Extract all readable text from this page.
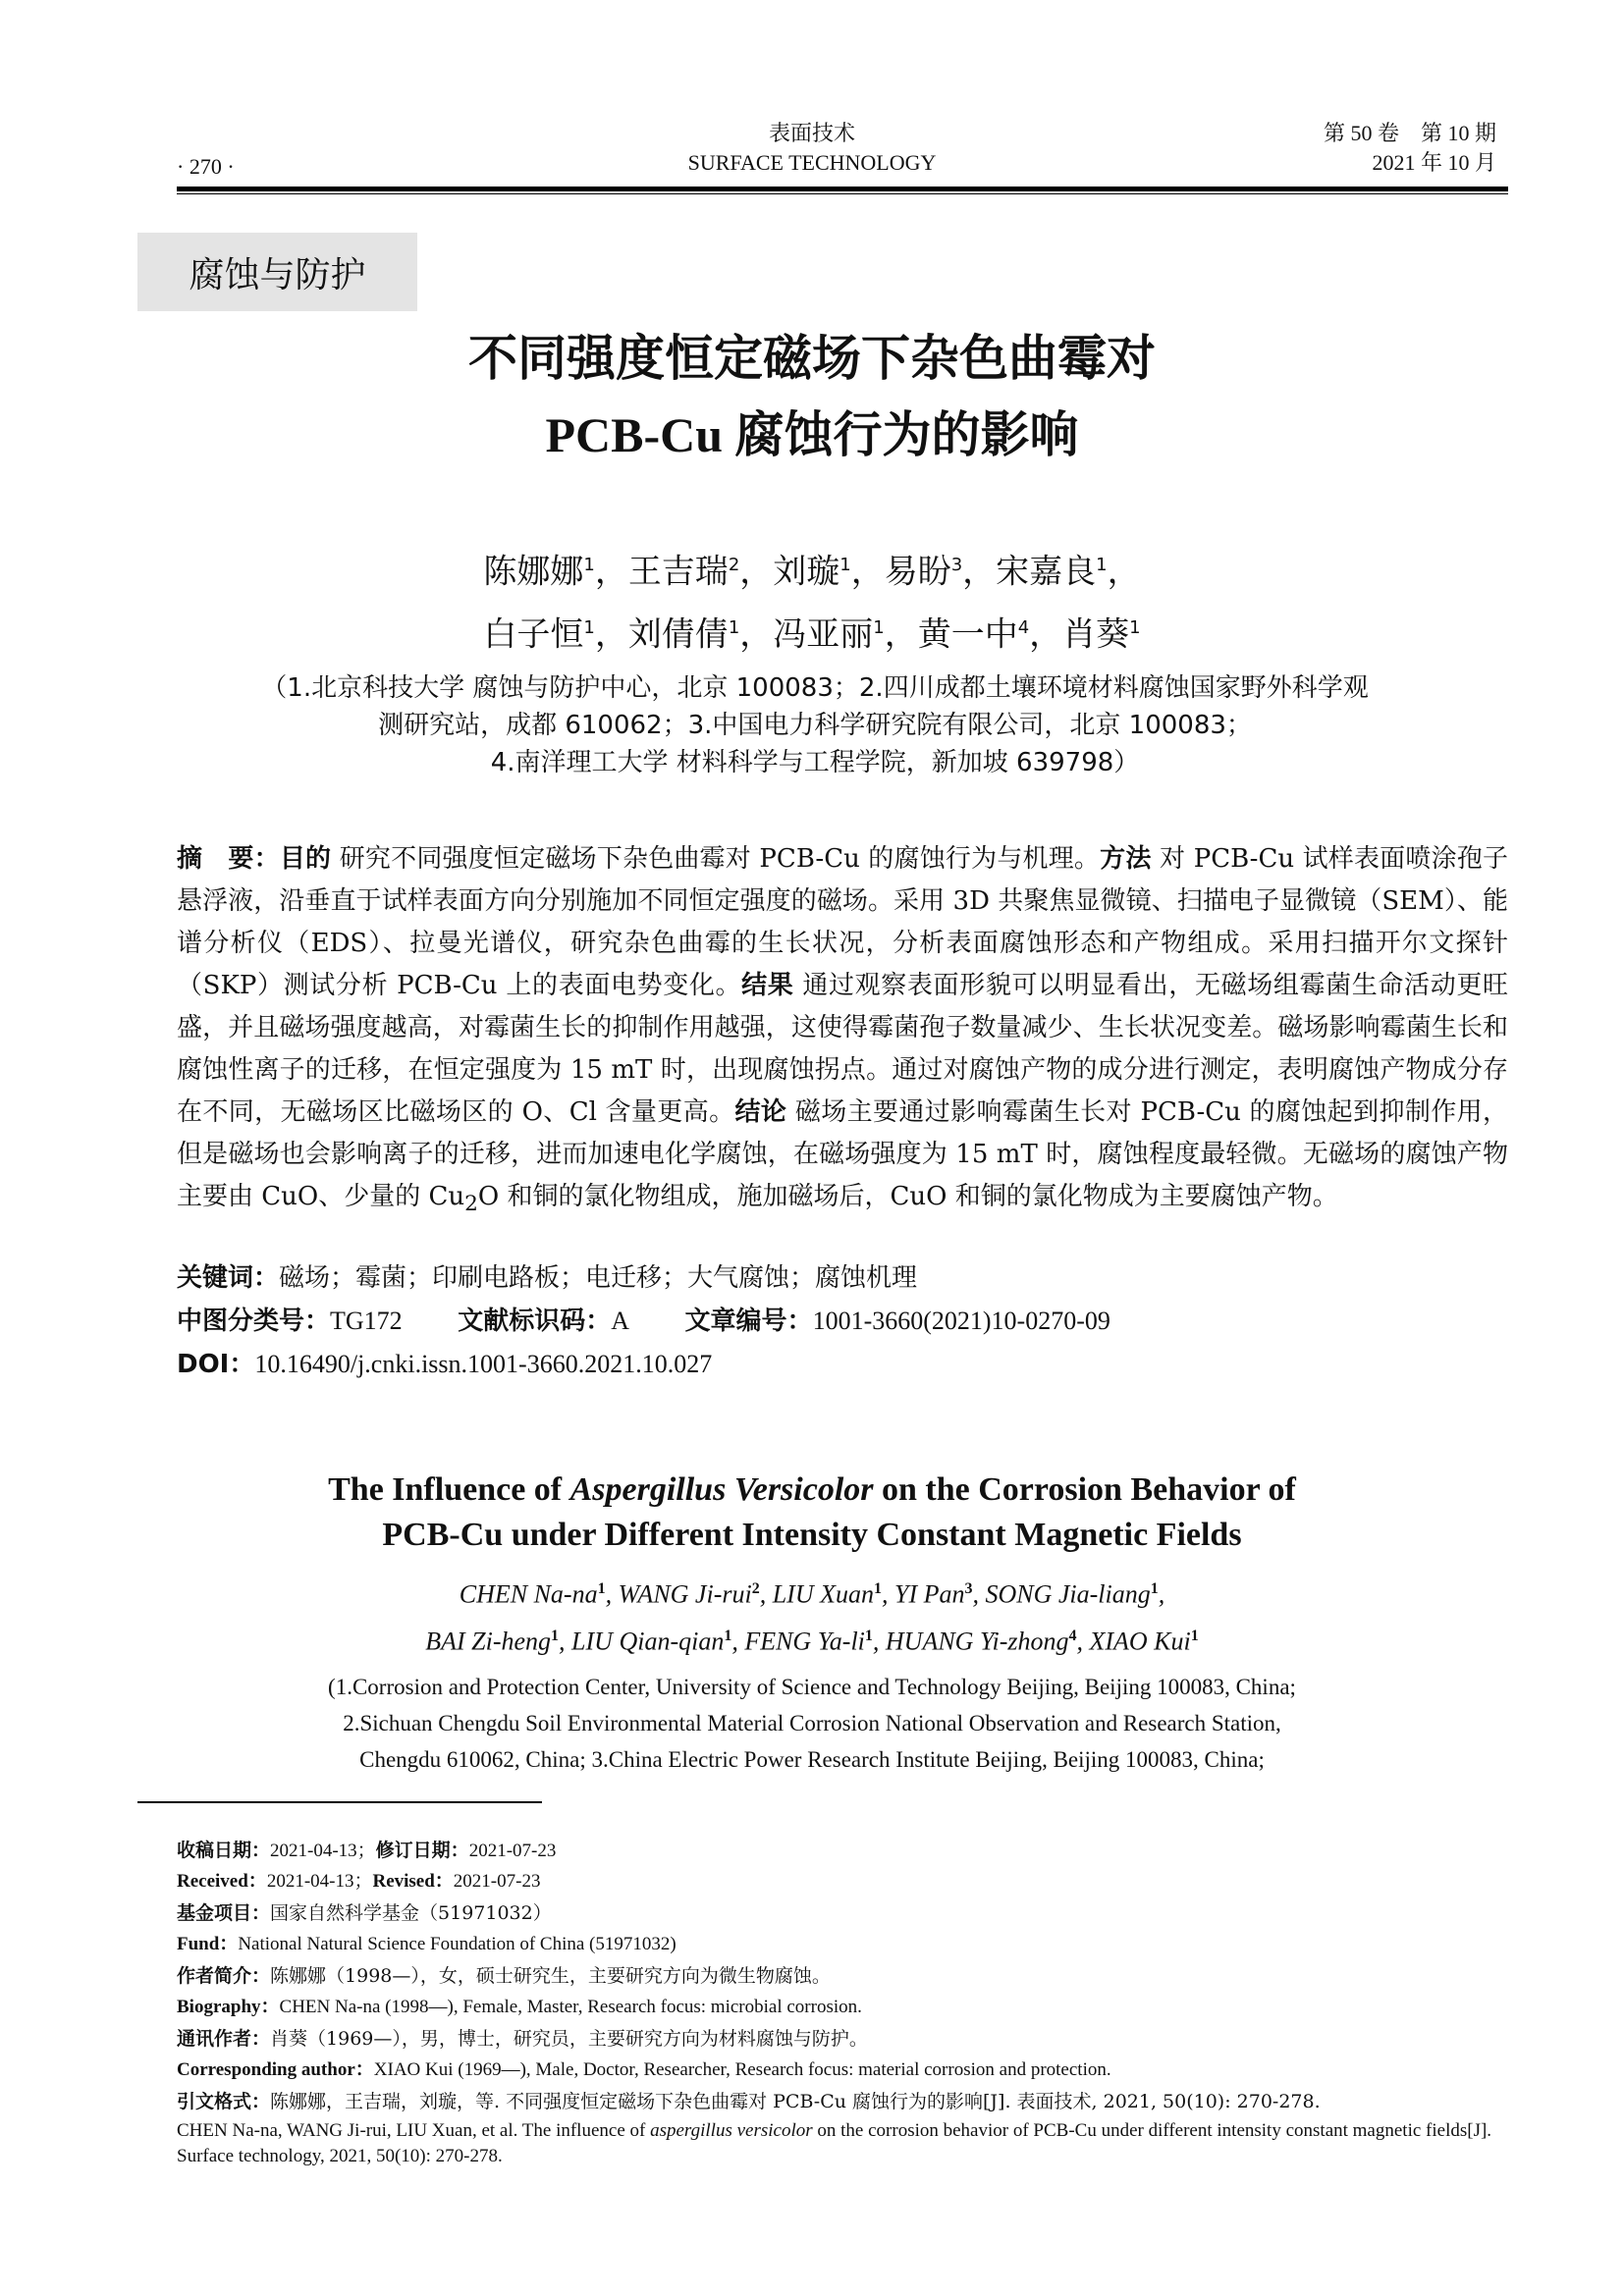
· 270 ·
表面技术
SURFACE TECHNOLOGY
第 50 卷　第 10 期
2021 年 10 月
腐蚀与防护
不同强度恒定磁场下杂色曲霉对
PCB-Cu 腐蚀行为的影响
陈娜娜$^1$，王吉瑞$^2$，刘璇$^1$，易盼$^3$，宋嘉良$^1$，
白子恒$^1$，刘倩倩$^1$，冯亚丽$^1$，黄一中$^4$，肖葵$^1$
（1.北京科技大学 腐蚀与防护中心，北京 100083；2.四川成都土壤环境材料腐蚀国家野外科学观
测研究站，成都 610062；3.中国电力科学研究院有限公司，北京 100083；
4.南洋理工大学 材料科学与工程学院，新加坡 639798）
摘　要：目的 研究不同强度恒定磁场下杂色曲霉对 PCB-Cu 的腐蚀行为与机理。方法 对 PCB-Cu 试样表面喷涂孢子悬浮液，沿垂直于试样表面方向分别施加不同恒定强度的磁场。采用 3D 共聚焦显微镜、扫描电子显微镜（SEM）、能谱分析仪（EDS）、拉曼光谱仪，研究杂色曲霉的生长状况，分析表面腐蚀形态和产物组成。采用扫描开尔文探针（SKP）测试分析 PCB-Cu 上的表面电势变化。结果 通过观察表面形貌可以明显看出，无磁场组霉菌生命活动更旺盛，并且磁场强度越高，对霉菌生长的抑制作用越强，这使得霉菌孢子数量减少、生长状况变差。磁场影响霉菌生长和腐蚀性离子的迁移，在恒定强度为 15 mT 时，出现腐蚀拐点。通过对腐蚀产物的成分进行测定，表明腐蚀产物成分存在不同，无磁场区比磁场区的 O、Cl 含量更高。结论 磁场主要通过影响霉菌生长对 PCB-Cu 的腐蚀起到抑制作用，但是磁场也会影响离子的迁移，进而加速电化学腐蚀，在磁场强度为 15 mT 时，腐蚀程度最轻微。无磁场的腐蚀产物主要由 CuO、少量的 $Cu_2O$ 和铜的氯化物组成，施加磁场后，CuO 和铜的氯化物成为主要腐蚀产物。
关键词：磁场；霉菌；印刷电路板；电迁移；大气腐蚀；腐蚀机理
中图分类号：TG172 文献标识码：A 文章编号：1001-3660(2021)10-0270-09
DOI：10.16490/j.cnki.issn.1001-3660.2021.10.027
The Influence of Aspergillus Versicolor on the Corrosion Behavior of
PCB-Cu under Different Intensity Constant Magnetic Fields
CHEN $Na-na^1$, WANG Ji-rui$^2$, LIU Xuan$^1$, YI Pan$^3$, SONG Jia-liang$^1$,
BAI Zi-heng$^1$, LIU Qian-qian$^1$, FENG $Ya-li^1$, HUANG Yi-zhong$^4$, XIAO Kui$^1$
(1.Corrosion and Protection Center, University of Science and Technology Beijing, Beijing 100083, China;
2.Sichuan Chengdu Soil Environmental Material Corrosion National Observation and Research Station,
Chengdu 610062, China; 3.China Electric Power Research Institute Beijing, Beijing 100083, China;
收稿日期：2021-04-13；修订日期：2021-07-23
Received：2021-04-13；Revised：2021-07-23
基金项目：国家自然科学基金（51971032）
Fund：National Natural Science Foundation of China (51971032)
作者简介：陈娜娜（1998—），女，硕士研究生，主要研究方向为微生物腐蚀。
Biography：CHEN Na-na (1998—), Female, Master, Research focus: microbial corrosion.
通讯作者：肖葵（1969—），男，博士，研究员，主要研究方向为材料腐蚀与防护。
Corresponding author：XIAO Kui (1969—), Male, Doctor, Researcher, Research focus: material corrosion and protection.
引文格式：陈娜娜，王吉瑞，刘璇，等. 不同强度恒定磁场下杂色曲霉对 PCB-Cu 腐蚀行为的影响[J]. 表面技术, 2021, 50(10): 270-278.
CHEN Na-na, WANG Ji-rui, LIU Xuan, et al. The influence of aspergillus versicolor on the corrosion behavior of PCB-Cu under different intensity constant magnetic fields[J]. Surface technology, 2021, 50(10): 270-278.
